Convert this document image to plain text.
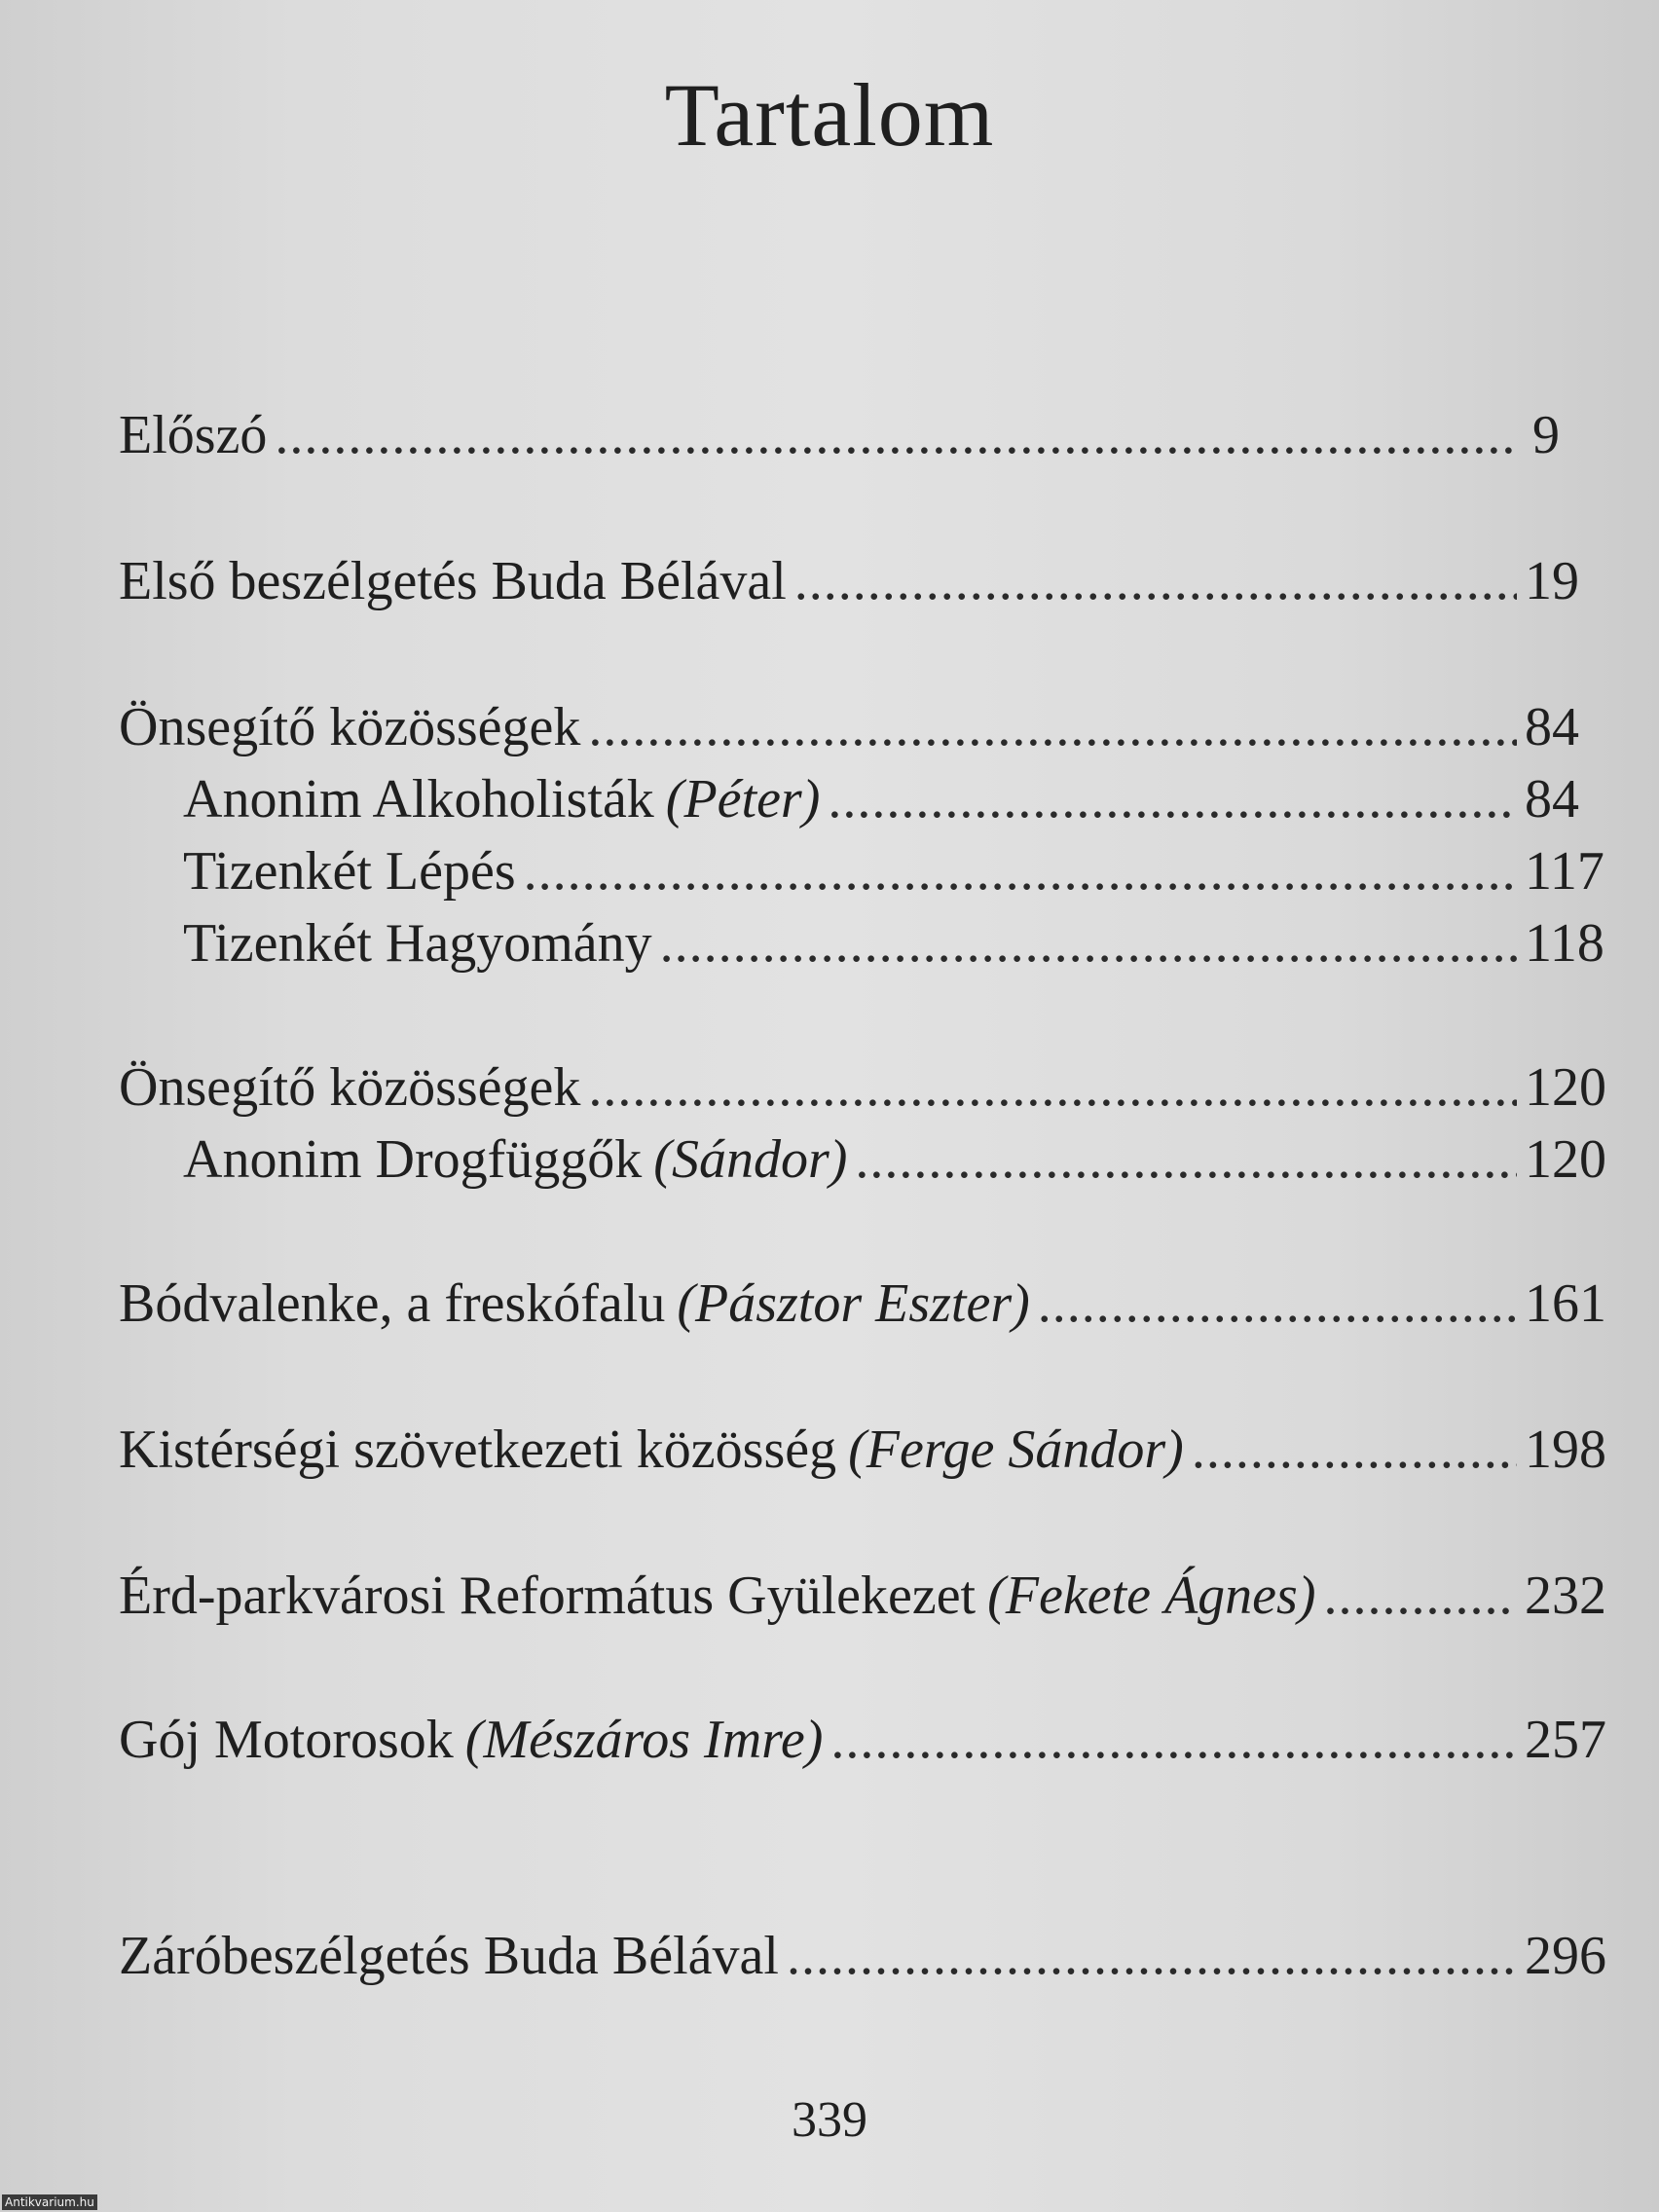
Tartalom
Előszó .....	9
Első beszélgetés Buda Bélával .....	19
Önsegítő közösségek .....	84
Anonim Alkoholisták (Péter) .....	84
Tizenkét Lépés .....	117
Tizenkét Hagyomány .....	118
Önsegítő közösségek .....	120
Anonim Drogfüggők (Sándor) .....	120
Bódvalenke, a freskófalu (Pásztor Eszter) .....	161
Kistérségi szövetkezeti közösség (Ferge Sándor) .....	198
Érd-parkvárosi Református Gyülekezet (Fekete Ágnes) .....	232
Gój Motorosok (Mészáros Imre) .....	257
Záróbeszélgetés Buda Bélával .....	296
339
Antikvarium.hu
